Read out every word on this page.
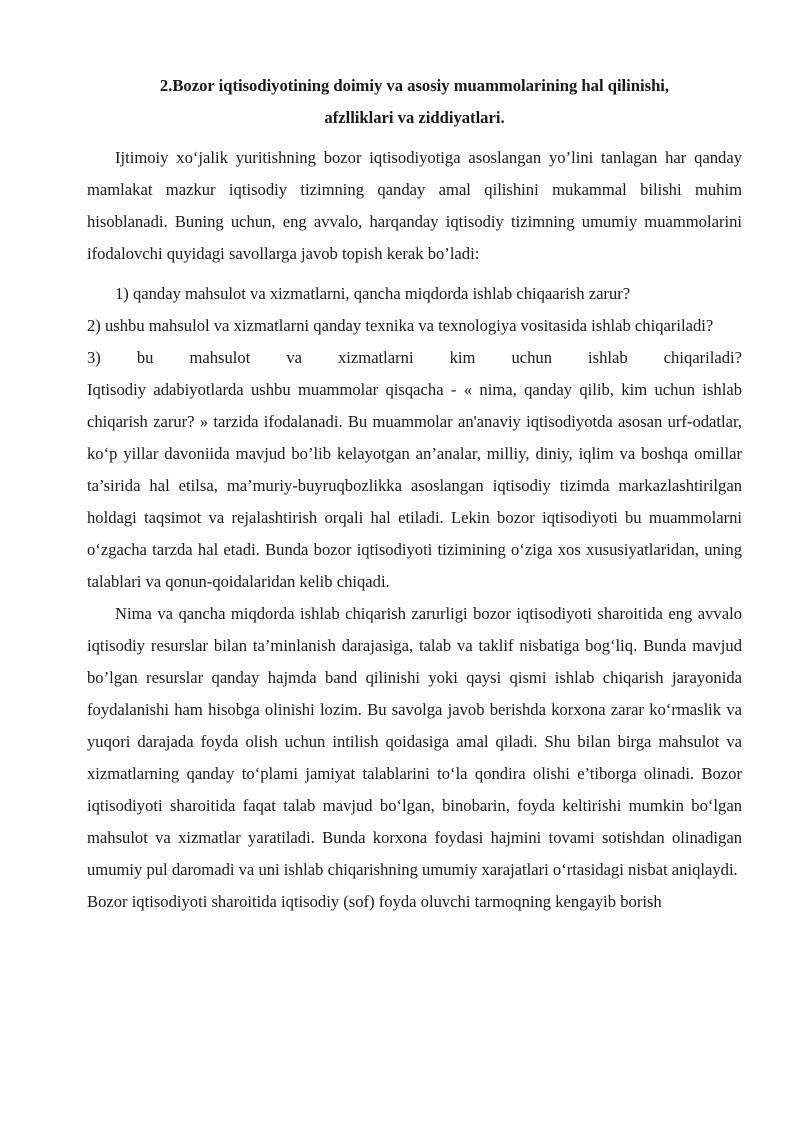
2.Bozor iqtisodiyotining doimiy va asosiy muammolarining hal qilinishi,
afzlliklari va ziddiyatlari.

Ijtimoiy xo‘jalik yuritishning bozor iqtisodiyotiga asoslangan yo’lini tanlagan har qanday mamlakat mazkur iqtisodiy tizimning qanday amal qilishini mukammal bilishi muhim hisoblanadi. Buning uchun, eng avvalo, harqanday iqtisodiy tizimning umumiy muammolarini ifodalovchi quyidagi savollarga javob topish kerak bo’ladi:

1) qanday mahsulot va xizmatlarni, qancha miqdorda ishlab chiqaarish zarur?

2) ushbu mahsulol va xizmatlarni qanday texnika va texnologiya vositasida ishlab chiqariladi?

3) bu mahsulot va xizmatlarni kim uchun ishlab chiqariladi?

Iqtisodiy adabiyotlarda ushbu muammolar qisqacha - « nima, qanday qilib, kim uchun ishlab chiqarish zarur? » tarzida ifodalanadi. Bu muammolar an'anaviy iqtisodiyotda asosan urf-odatlar, ko‘p yillar davoniida mavjud bo’lib kelayotgan an’analar, milliy, diniy, iqlim va boshqa omillar ta’sirida hal etilsa, ma’muriy-buyruqbozlikka asoslangan iqtisodiy tizimda markazlashtirilgan holdagi taqsimot va rejalashtirish orqali hal etiladi. Lekin bozor iqtisodiyoti bu muammolarni o‘zgacha tarzda hal etadi. Bunda bozor iqtisodiyoti tizimining o‘ziga xos xususiyatlaridan, uning talablari va qonun-qoidalaridan kelib chiqadi.

Nima va qancha miqdorda ishlab chiqarish zarurligi bozor iqtisodiyoti sharoitida eng avvalo iqtisodiy resurslar bilan ta’minlanish darajasiga, talab va taklif nisbatiga bog‘liq. Bunda mavjud bo’lgan resurslar qanday hajmda band qilinishi yoki qaysi qismi ishlab chiqarish jarayonida foydalanishi ham hisobga olinishi lozim. Bu savolga javob berishda korxona zarar ko‘rmaslik va yuqori darajada foyda olish uchun intilish qoidasiga amal qiladi. Shu bilan birga mahsulot va xizmatlarning qanday to‘plami jamiyat talablarini to‘la qondira olishi e’tiborga olinadi. Bozor iqtisodiyoti sharoitida faqat talab mavjud bo‘lgan, binobarin, foyda keltirishi mumkin bo‘lgan mahsulot va xizmatlar yaratiladi. Bunda korxona foydasi hajmini tovami sotishdan olinadigan umumiy pul daromadi va uni ishlab chiqarishning umumiy xarajatlari o‘rtasidagi nisbat aniqlaydi.

Bozor iqtisodiyoti sharoitida iqtisodiy (sof) foyda oluvchi tarmoqning kengayib borish
